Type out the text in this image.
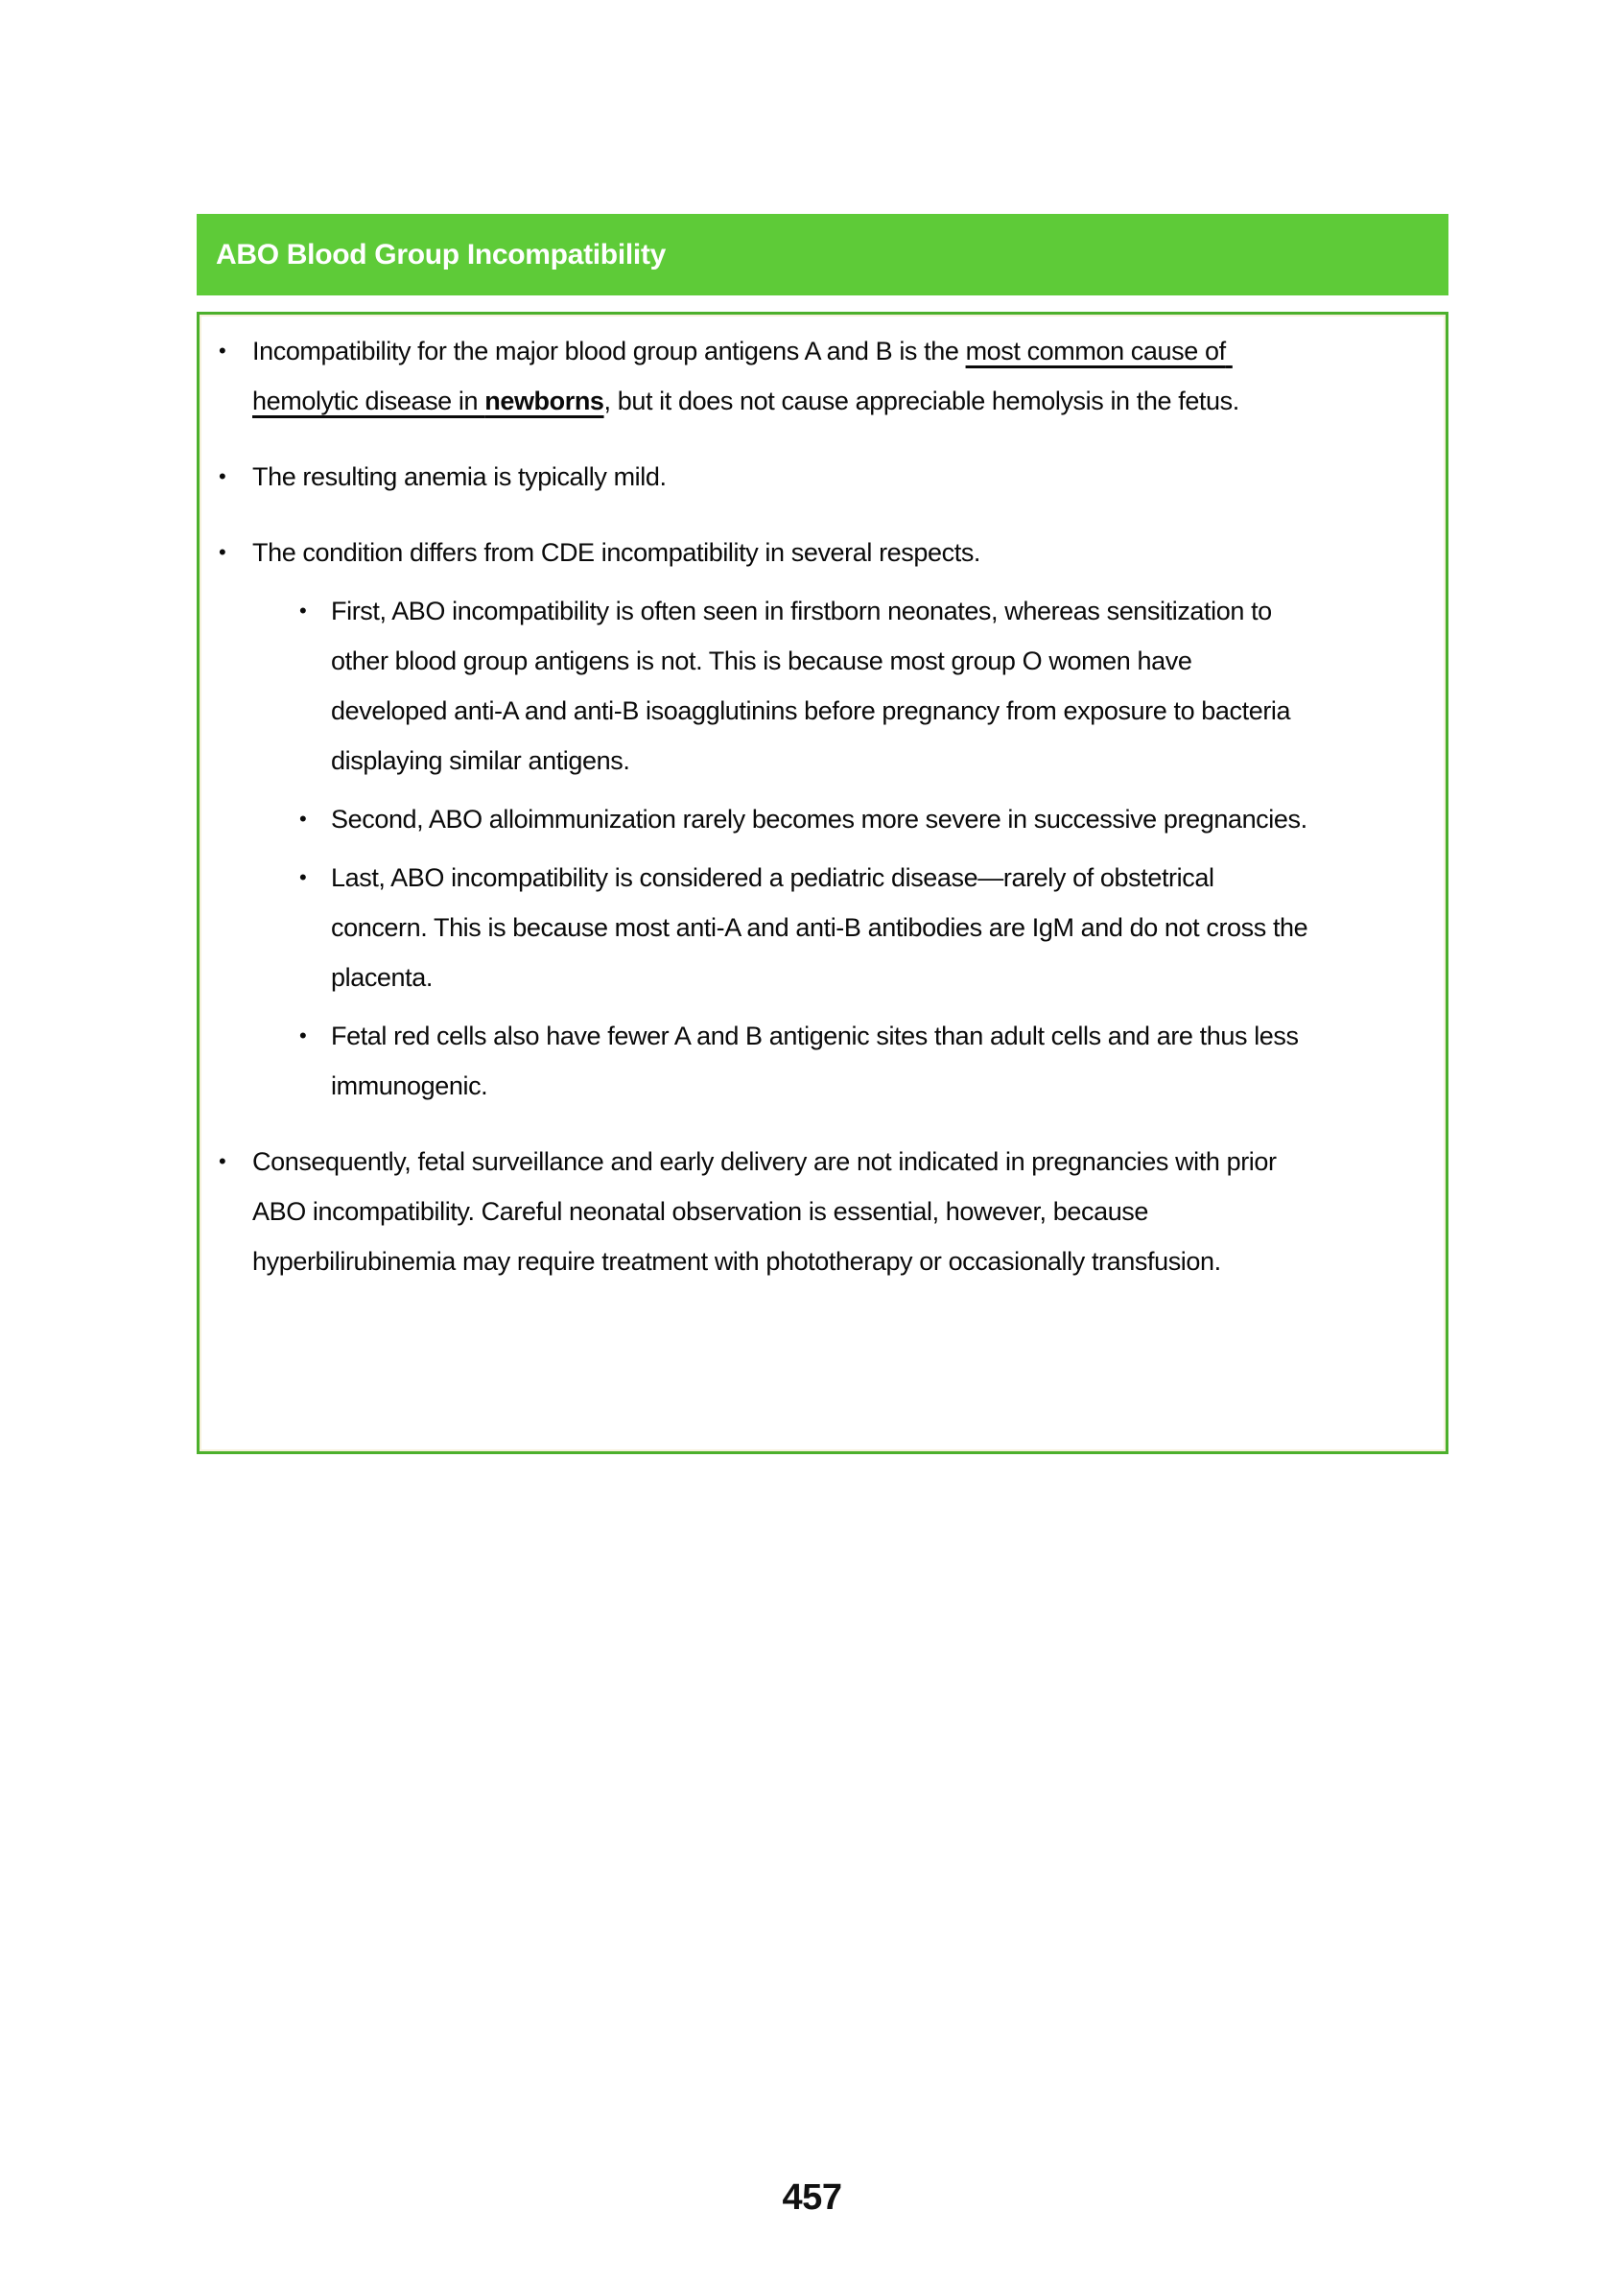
ABO Blood Group Incompatibility
• Incompatibility for the major blood group antigens A and B is the most common cause of hemolytic disease in newborns, but it does not cause appreciable hemolysis in the fetus.
• The resulting anemia is typically mild.
• The condition differs from CDE incompatibility in several respects.
• First, ABO incompatibility is often seen in firstborn neonates, whereas sensitization to other blood group antigens is not. This is because most group O women have developed anti-A and anti-B isoagglutinins before pregnancy from exposure to bacteria displaying similar antigens.
• Second, ABO alloimmunization rarely becomes more severe in successive pregnancies.
• Last, ABO incompatibility is considered a pediatric disease—rarely of obstetrical concern. This is because most anti-A and anti-B antibodies are IgM and do not cross the placenta.
• Fetal red cells also have fewer A and B antigenic sites than adult cells and are thus less  immunogenic.
• Consequently, fetal surveillance and early delivery are not indicated in pregnancies with prior ABO incompatibility. Careful neonatal observation is essential, however, because hyperbilirubinemia may require treatment with phototherapy or occasionally transfusion.
457
